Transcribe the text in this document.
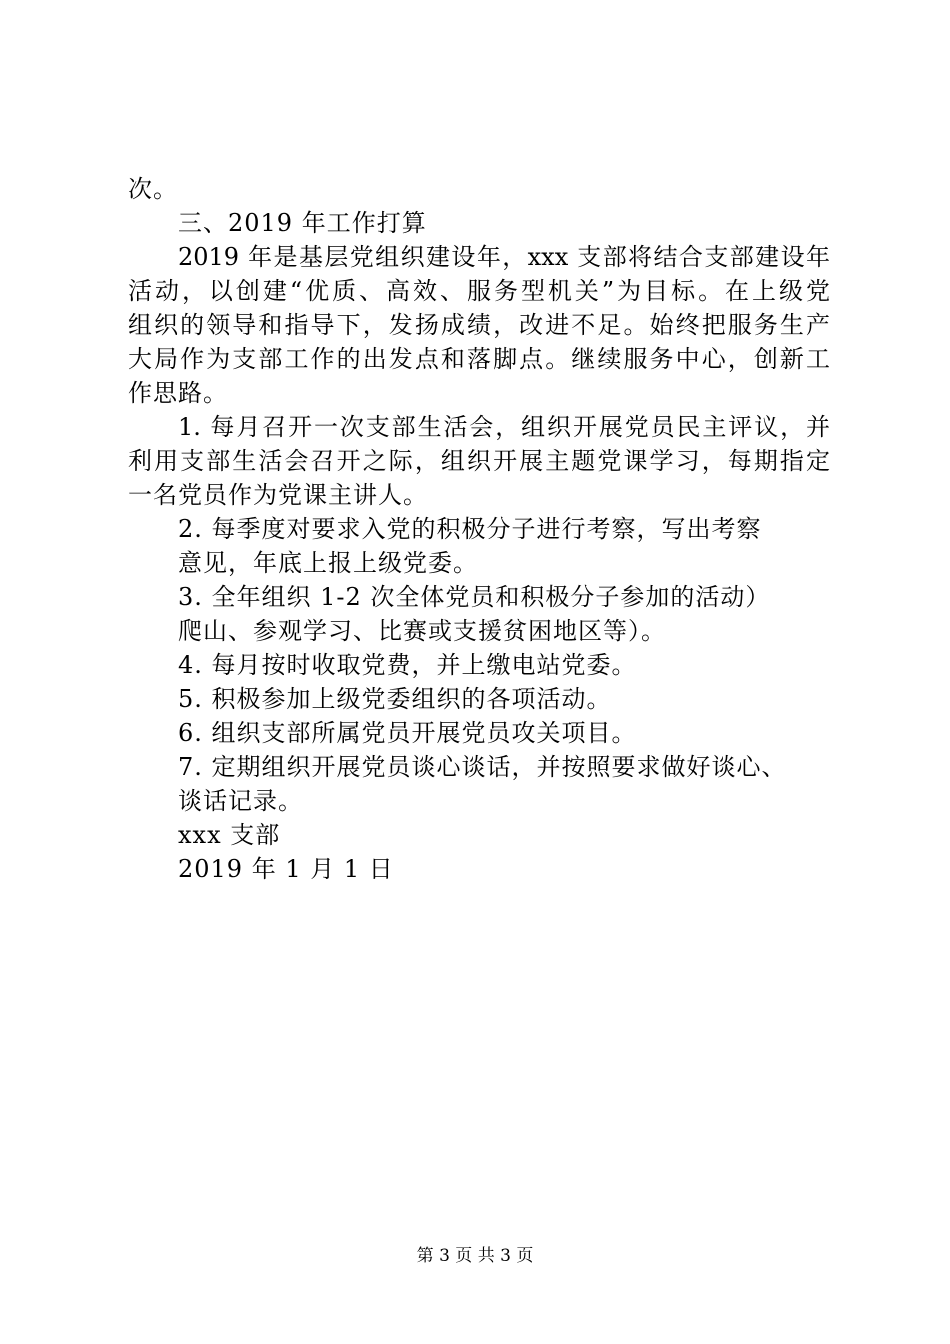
次。
三、2019 年工作打算
2019 年是基层党组织建设年，xxx 支部将结合支部建设年
活动，以创建“优质、高效、服务型机关”为目标。在上级党
组织的领导和指导下，发扬成绩，改进不足。始终把服务生产
大局作为支部工作的出发点和落脚点。继续服务中心，创新工
作思路。
1. 每月召开一次支部生活会，组织开展党员民主评议，并
利用支部生活会召开之际，组织开展主题党课学习，每期指定
一名党员作为党课主讲人。
2. 每季度对要求入党的积极分子进行考察，写出考察
意见，年底上报上级党委。
3. 全年组织 1-2 次全体党员和积极分子参加的活动）
爬山、参观学习、比赛或支援贫困地区等）。
4. 每月按时收取党费，并上缴电站党委。
5. 积极参加上级党委组织的各项活动。
6. 组织支部所属党员开展党员攻关项目。
7. 定期组织开展党员谈心谈话，并按照要求做好谈心、
谈话记录。
xxx 支部
2019 年 1 月 1 日
第 3 页 共 3 页
